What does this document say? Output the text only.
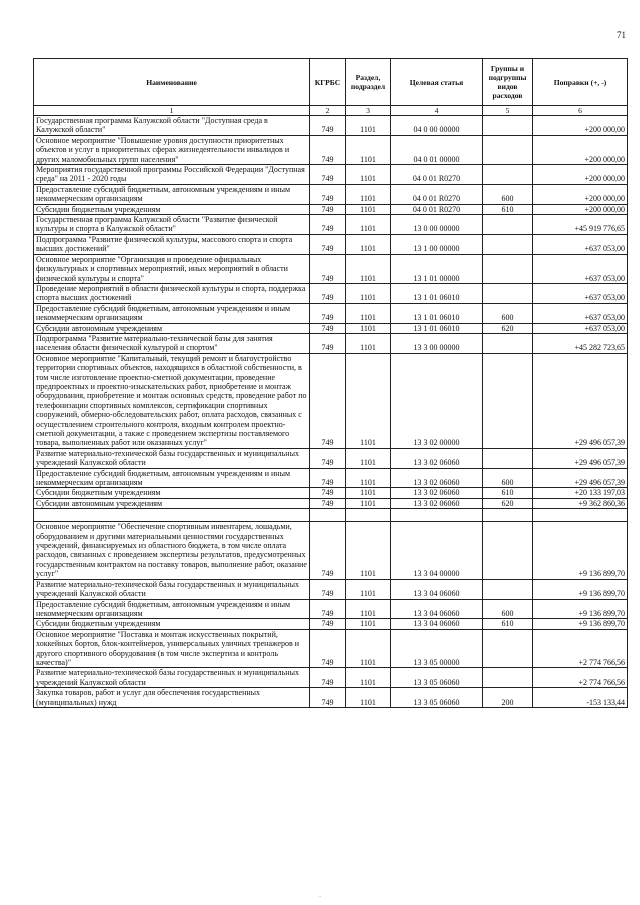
71
Наименование	КГРБС	Раздел, подраздел	Целевая статья	Группы и подгруппы видов расходов	Поправки (+, -)
1	2	3	4	5	6
Государственная программа Калужской области "Доступная среда в Калужской области"	749	1101	04 0 00 00000		+200 000,00
Основное мероприятие "Повышение уровня доступности приоритетных объектов и услуг в приоритетных сферах жизнедеятельности инвалидов и других маломобильных групп населения"	749	1101	04 0 01 00000		+200 000,00
Мероприятия государственной программы Российской Федерации "Доступная среда" на 2011 - 2020 годы	749	1101	04 0 01 R0270		+200 000,00
Предоставление субсидий бюджетным, автономным учреждениям и иным некоммерческим организациям	749	1101	04 0 01 R0270	600	+200 000,00
Субсидии бюджетным учреждениям	749	1101	04 0 01 R0270	610	+200 000,00
Государственная программа Калужской области "Развитие физической культуры и спорта в Калужской области"	749	1101	13 0 00 00000		+45 919 776,65
Подпрограмма "Развитие физической культуры, массового спорта и спорта высших достижений"	749	1101	13 1 00 00000		+637 053,00
Основное мероприятие "Организация и проведение официальных физкультурных и спортивных мероприятий, иных мероприятий в области физической культуры и спорта"	749	1101	13 1 01 00000		+637 053,00
Проведение мероприятий в области физической культуры и спорта, поддержка спорта высших достижений	749	1101	13 1 01 06010		+637 053,00
Предоставление субсидий бюджетным, автономным учреждениям и иным некоммерческим организациям	749	1101	13 1 01 06010	600	+637 053,00
Субсидии автономным учреждениям	749	1101	13 1 01 06010	620	+637 053,00
Подпрограмма "Развитие материально-технической базы для занятия населения области физической культурой и спортом"	749	1101	13 3 00 00000		+45 282 723,65
Основное мероприятие "Капитальный, текущий ремонт и благоустройство территории спортивных объектов, находящихся в областной собственности, в том числе изготовление проектно-сметной документации, проведение предпроектных и проектно-изыскательских работ, приобретение и монтаж оборудования, приобретение и монтаж основных средств, проведение работ по телефонизации спортивных комплексов, сертификации спортивных сооружений, обмерно-обследовательских работ, оплата расходов, связанных с осуществлением строительного контроля, входным контролем проектно-сметной документации, а также с проведением экспертизы поставляемого товара, выполненных работ или оказанных услуг"	749	1101	13 3 02 00000		+29 496 057,39
Развитие материально-технической базы государственных и муниципальных учреждений Калужской области	749	1101	13 3 02 06060		+29 496 057,39
Предоставление субсидий бюджетным, автономным учреждениям и иным некоммерческим организациям	749	1101	13 3 02 06060	600	+29 496 057,39
Субсидии бюджетным учреждениям	749	1101	13 3 02 06060	610	+20 133 197,03
Субсидии автономным учреждениям	749	1101	13 3 02 06060	620	+9 362 860,36

Основное мероприятие "Обеспечение спортивным инвентарем, лошадьми, оборудованием и другими материальными ценностями государственных учреждений, финансируемых из областного бюджета, в том числе оплата расходов, связанных с проведением экспертизы результатов, предусмотренных государственным контрактом на поставку товаров, выполнение работ, оказание услуг"	749	1101	13 3 04 00000		+9 136 899,70
Развитие материально-технической базы государственных и муниципальных учреждений Калужской области	749	1101	13 3 04 06060		+9 136 899,70
Предоставление субсидий бюджетным, автономным учреждениям и иным некоммерческим организациям	749	1101	13 3 04 06060	600	+9 136 899,70
Субсидии бюджетным учреждениям	749	1101	13 3 04 06060	610	+9 136 899,70
Основное мероприятие "Поставка и монтаж искусственных покрытий, хоккейных бортов, блок-контейнеров, универсальных уличных тренажеров и другого спортивного оборудования (в том числе экспертиза и контроль качества)"	749	1101	13 3 05 00000		+2 774 766,56
Развитие материально-технической базы государственных и муниципальных учреждений Калужской области	749	1101	13 3 05 06060		+2 774 766,56
Закупка товаров, работ и услуг для обеспечения государственных (муниципальных) нужд	749	1101	13 3 05 06060	200	-153 133,44
·
